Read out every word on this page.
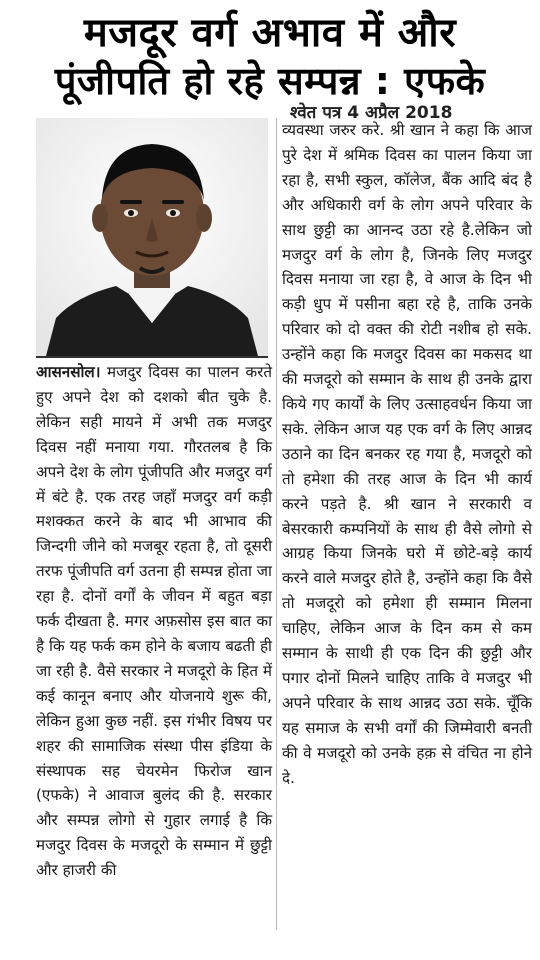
मजदूर वर्ग अभाव में और
पूंजीपति हो रहे सम्पन्न : एफके
श्वेत पत्र 4 अप्रैल 2018

आसनसोल। मजदुर दिवस का पालन करते हुए अपने देश को दशको बीत चुके है. लेकिन सही मायने में अभी तक मजदुर दिवस नहीं मनाया गया. गौरतलब है कि अपने देश के लोग पूंजीपति और मजदुर वर्ग में बंटे है. एक तरह जहाँ मजदुर वर्ग कड़ी मशक्कत करने के बाद भी आभाव की जिन्दगी जीने को मजबूर रहता है, तो दूसरी तरफ पूंजीपति वर्ग उतना ही सम्पन्न होता जा रहा है. दोनों वर्गों के जीवन में बहुत बड़ा फर्क दीखता है. मगर अफ़सोस इस बात का है कि यह फर्क कम होने के बजाय बढती ही जा रही है. वैसे सरकार ने मजदूरो के हित में कई कानून बनाए और योजनाये शुरू की, लेकिन हुआ कुछ नहीं. इस गंभीर विषय पर शहर की सामाजिक संस्था पीस इंडिया के संस्थापक सह चेयरमेन फिरोज खान (एफके) ने आवाज बुलंद की है. सरकार और सम्पन्न लोगो से गुहार लगाई है कि मजदुर दिवस के मजदूरो के सम्मान में छुट्टी और हाजरी की

व्यवस्था जरुर करे. श्री खान ने कहा कि आज पुरे देश में श्रमिक दिवस का पालन किया जा रहा है, सभी स्कुल, कॉलेज, बैंक आदि बंद है और अधिकारी वर्ग के लोग अपने परिवार के साथ छुट्टी का आनन्द उठा रहे है.लेकिन जो मजदुर वर्ग के लोग है, जिनके लिए मजदुर दिवस मनाया जा रहा है, वे आज के दिन भी कड़ी धुप में पसीना बहा रहे है, ताकि उनके परिवार को दो वक्त की रोटी नशीब हो सके. उन्होंने कहा कि मजदुर दिवस का मकसद था की मजदूरो को सम्मान के साथ ही उनके द्वारा किये गए कार्यों के लिए उत्साहवर्धन किया जा सके. लेकिन आज यह एक वर्ग के लिए आन्नद उठाने का दिन बनकर रह गया है, मजदूरो को तो हमेशा की तरह आज के दिन भी कार्य करने पड़ते है. श्री खान ने सरकारी व बेसरकारी कम्पनियों के साथ ही वैसे लोगो से आग्रह किया जिनके घरो में छोटे-बड़े कार्य करने वाले मजदुर होते है, उन्होंने कहा कि वैसे तो मजदूरो को हमेशा ही सम्मान मिलना चाहिए, लेकिन आज के दिन कम से कम सम्मान के साथी ही एक दिन की छुट्टी और पगार दोनों मिलने चाहिए ताकि वे मजदुर भी अपने परिवार के साथ आन्नद उठा सके. चूँकि यह समाज के सभी वर्गों की जिम्मेवारी बनती की वे मजदूरो को उनके हक़ से वंचित ना होने दे.
